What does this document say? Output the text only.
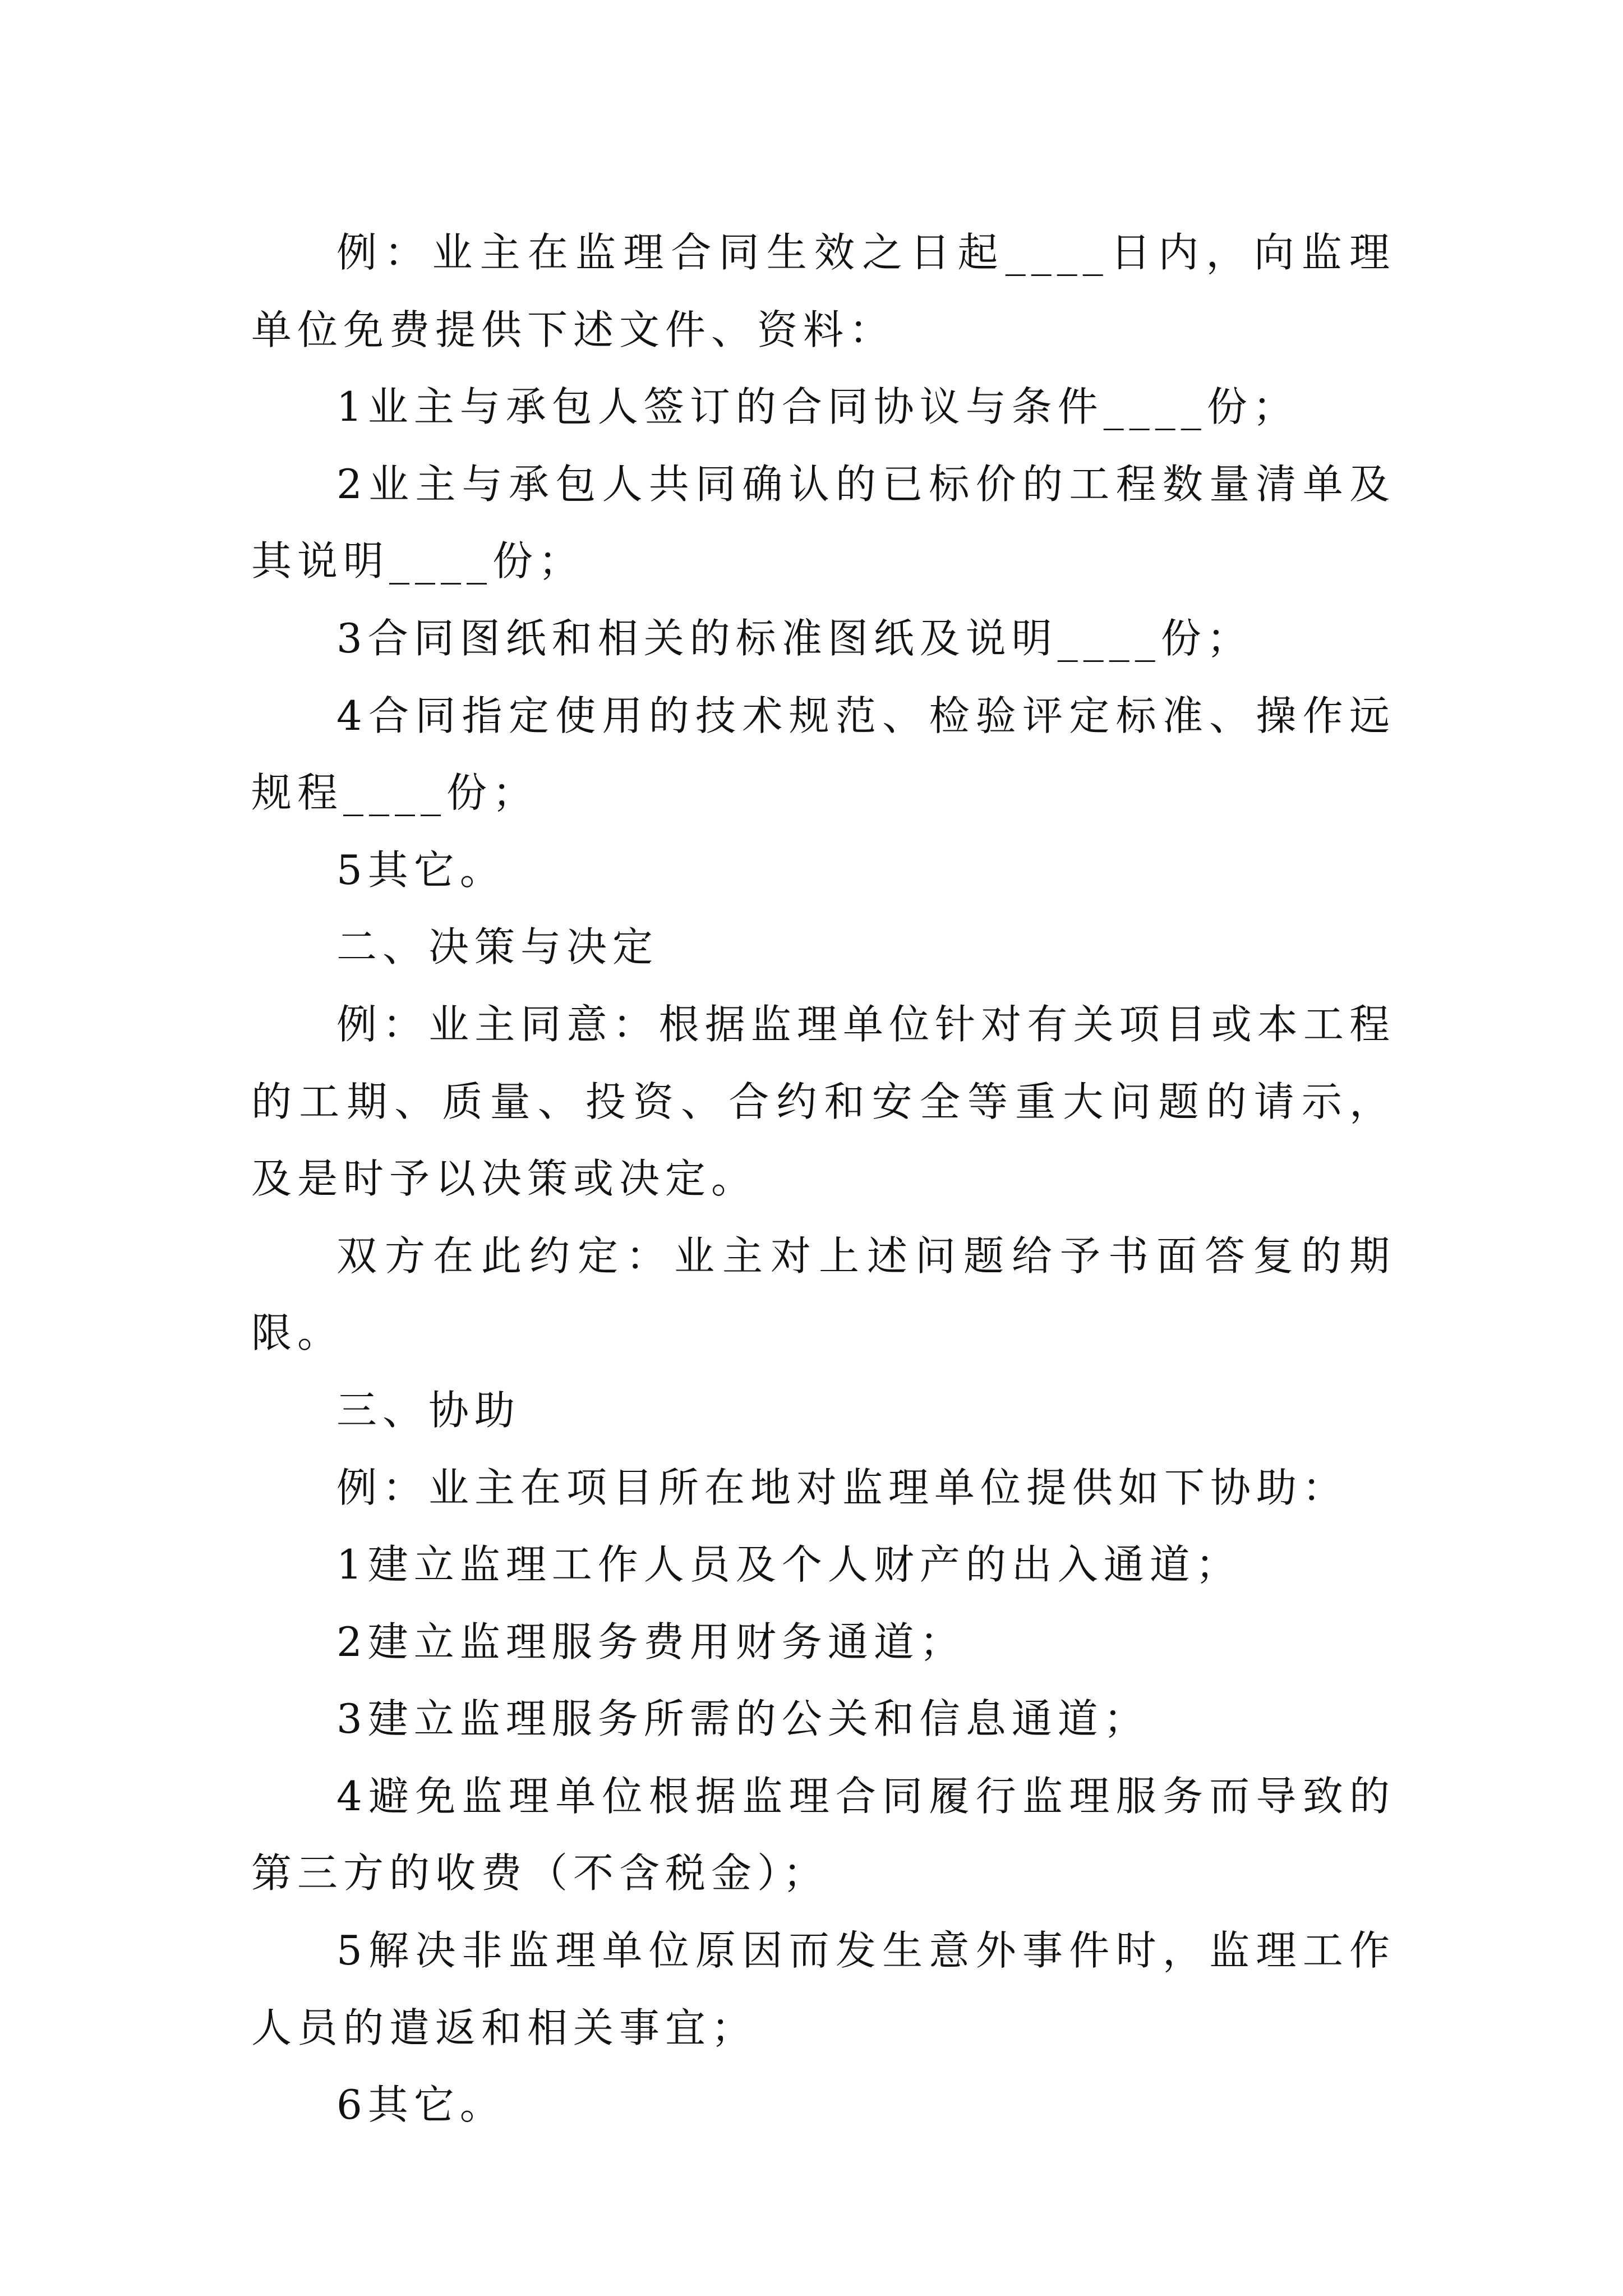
例：业主在监理合同生效之日起____日内，向监理单位免费提供下述文件、资料：

1业主与承包人签订的合同协议与条件____份；

2业主与承包人共同确认的已标价的工程数量清单及其说明____份；

3合同图纸和相关的标准图纸及说明____份；

4合同指定使用的技术规范、检验评定标准、操作远规程____份；

5其它。

二、决策与决定

例：业主同意：根据监理单位针对有关项目或本工程的工期、质量、投资、合约和安全等重大问题的请示，及是时予以决策或决定。

双方在此约定：业主对上述问题给予书面答复的期限。

三、协助

例：业主在项目所在地对监理单位提供如下协助：

1建立监理工作人员及个人财产的出入通道；

2建立监理服务费用财务通道；

3建立监理服务所需的公关和信息通道；

4避免监理单位根据监理合同履行监理服务而导致的第三方的收费（不含税金）；

5解决非监理单位原因而发生意外事件时，监理工作人员的遣返和相关事宜；

6其它。
